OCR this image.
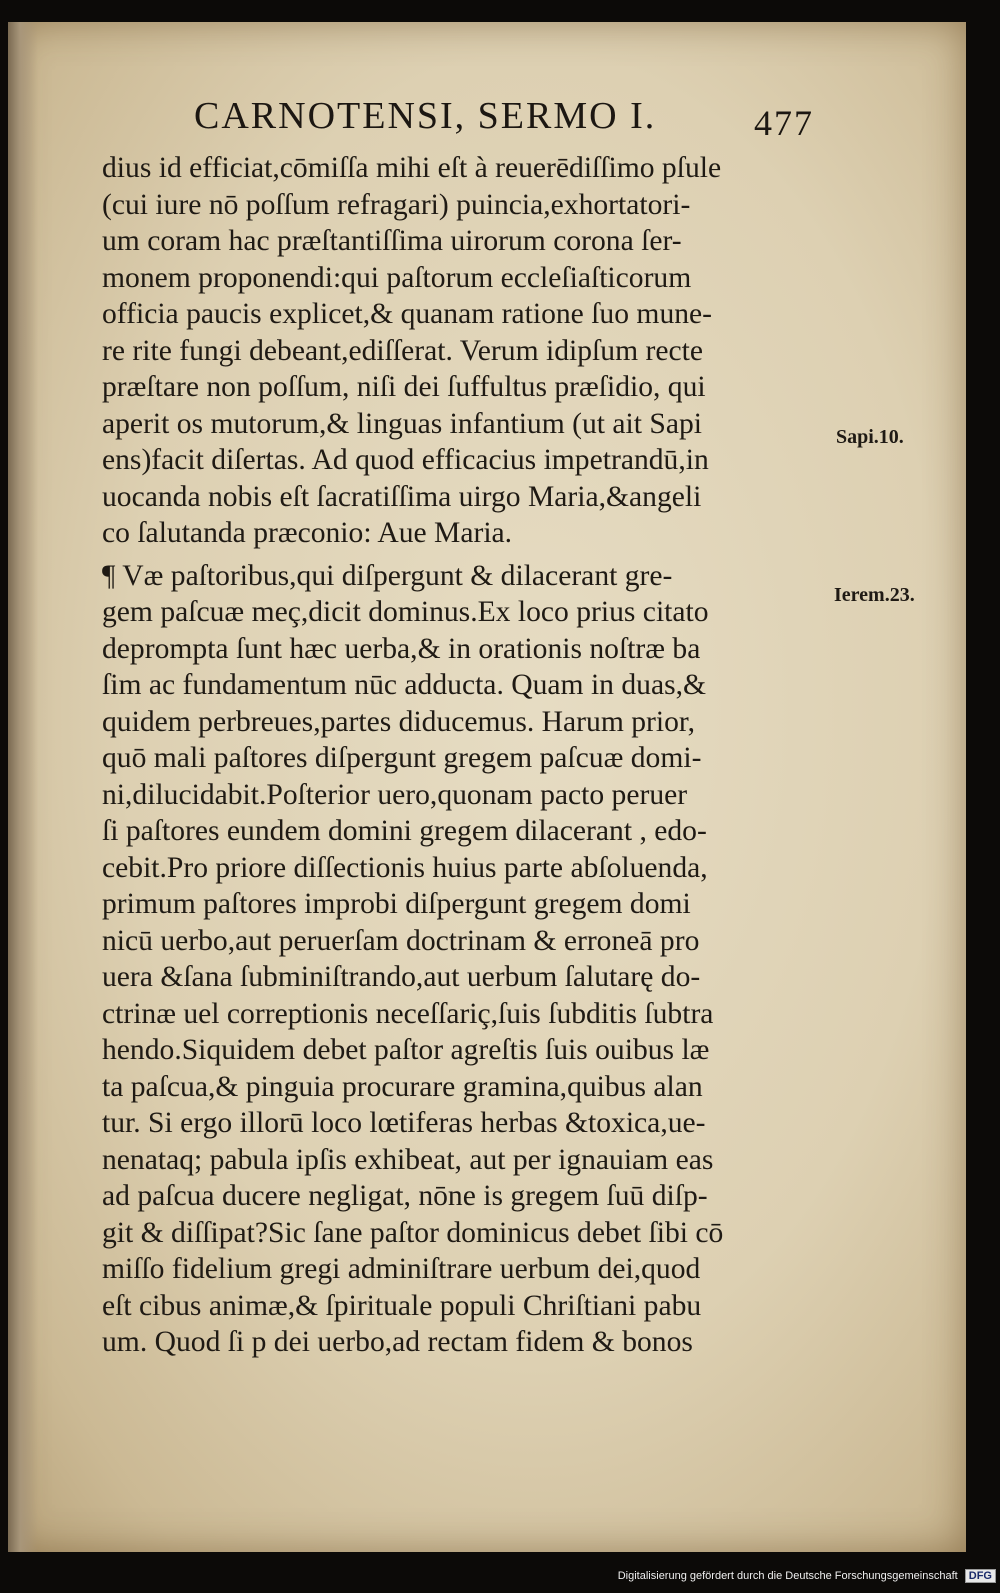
CARNOTENSI, SERMO I.	477
dius id efficiat,cōmiſſa mihi eſt à reuerēdiſſimo pſule
(cui iure nō poſſum refragari) puincia,exhortatori-
um coram hac præſtantiſſima uirorum corona ſer-
monem proponendi:qui paſtorum eccleſiaſticorum
officia paucis explicet,& quanam ratione ſuo mune-
re rite fungi debeant,ediſſerat. Verum idipſum recte
præſtare non poſſum, niſi dei ſuffultus præſidio, qui
aperit os mutorum,& linguas infantium (ut ait Sapi
ens)facit diſertas. Ad quod efficacius impetrandū,in
uocanda nobis eſt ſacratiſſima uirgo Maria,&angeli
co ſalutanda præconio: Aue Maria.
¶ Væ paſtoribus,qui diſpergunt & dilacerant gre-
gem paſcuæ meç,dicit dominus.Ex loco prius citato
deprompta ſunt hæc uerba,& in orationis noſtræ ba
ſim ac fundamentum nūc adducta. Quam in duas,&
quidem perbreues,partes diducemus. Harum prior,
quō mali paſtores diſpergunt gregem paſcuæ domi-
ni,dilucidabit.Poſterior uero,quonam pacto peruer
ſi paſtores eundem domini gregem dilacerant , edo-
cebit.Pro priore diſſectionis huius parte abſoluenda,
primum paſtores improbi diſpergunt gregem domi
nicū uerbo,aut peruerſam doctrinam & erroneā pro
uera &ſana ſubminiſtrando,aut uerbum ſalutarę do-
ctrinæ uel correptionis neceſſariç,ſuis ſubditis ſubtra
hendo.Siquidem debet paſtor agreſtis ſuis ouibus læ
ta paſcua,& pinguia procurare gramina,quibus alan
tur. Si ergo illorū loco lœtiferas herbas &toxica,ue-
nenataq; pabula ipſis exhibeat, aut per ignauiam eas
ad paſcua ducere negligat, nōne is gregem ſuū diſp-
git & diſſipat?Sic ſane paſtor dominicus debet ſibi cō
miſſo fidelium gregi adminiſtrare uerbum dei,quod
eſt cibus animæ,& ſpirituale populi Chriſtiani pabu
um. Quod ſi p dei uerbo,ad rectam fidem & bonos
Sapi.10.
Ierem.23.
Digitalisierung gefördert durch die Deutsche Forschungsgemeinschaft DFG
